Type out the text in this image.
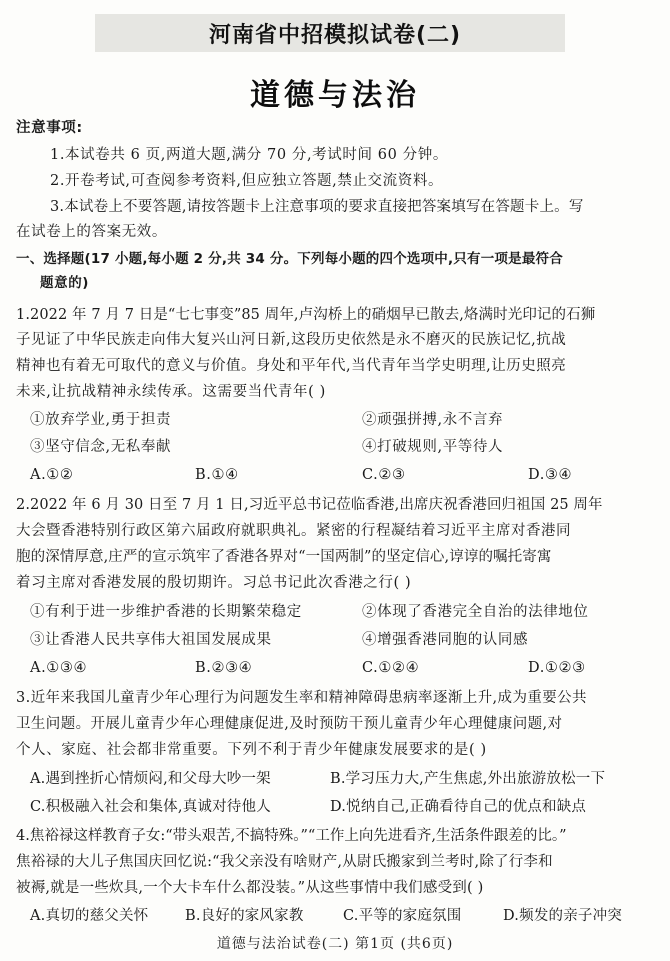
河南省中招模拟试卷(二)
道德与法治
注意事项:
1.本试卷共 6 页,两道大题,满分 70 分,考试时间 60 分钟。
2.开卷考试,可查阅参考资料,但应独立答题,禁止交流资料。
3.本试卷上不要答题,请按答题卡上注意事项的要求直接把答案填写在答题卡上。写
在试卷上的答案无效。
一、选择题(17 小题,每小题 2 分,共 34 分。下列每小题的四个选项中,只有一项是最符合
题意的)
1.2022 年 7 月 7 日是“七七事变”85 周年,卢沟桥上的硝烟早已散去,烙满时光印记的石狮
子见证了中华民族走向伟大复兴山河日新,这段历史依然是永不磨灭的民族记忆,抗战
精神也有着无可取代的意义与价值。身处和平年代,当代青年当学史明理,让历史照亮
未来,让抗战精神永续传承。这需要当代青年( )
①放弃学业,勇于担责	②顽强拼搏,永不言弃
③坚守信念,无私奉献	④打破规则,平等待人
A.①②	B.①④	C.②③	D.③④
2.2022 年 6 月 30 日至 7 月 1 日,习近平总书记莅临香港,出席庆祝香港回归祖国 25 周年
大会暨香港特别行政区第六届政府就职典礼。紧密的行程凝结着习近平主席对香港同
胞的深情厚意,庄严的宣示筑牢了香港各界对“一国两制”的坚定信心,谆谆的嘱托寄寓
着习主席对香港发展的殷切期许。习总书记此次香港之行( )
①有利于进一步维护香港的长期繁荣稳定	②体现了香港完全自治的法律地位
③让香港人民共享伟大祖国发展成果	④增强香港同胞的认同感
A.①③④	B.②③④	C.①②④	D.①②③
3.近年来我国儿童青少年心理行为问题发生率和精神障碍患病率逐渐上升,成为重要公共
卫生问题。开展儿童青少年心理健康促进,及时预防干预儿童青少年心理健康问题,对
个人、家庭、社会都非常重要。下列不利于青少年健康发展要求的是( )
A.遇到挫折心情烦闷,和父母大吵一架	B.学习压力大,产生焦虑,外出旅游放松一下
C.积极融入社会和集体,真诚对待他人	D.悦纳自己,正确看待自己的优点和缺点
4.焦裕禄这样教育子女:“带头艰苦,不搞特殊。”“工作上向先进看齐,生活条件跟差的比。”
焦裕禄的大儿子焦国庆回忆说:“我父亲没有啥财产,从尉氏搬家到兰考时,除了行李和
被褥,就是一些炊具,一个大卡车什么都没装。”从这些事情中我们感受到( )
A.真切的慈父关怀	B.良好的家风家教	C.平等的家庭氛围	D.频发的亲子冲突
道德与法治试卷(二) 第1页 (共6页)
